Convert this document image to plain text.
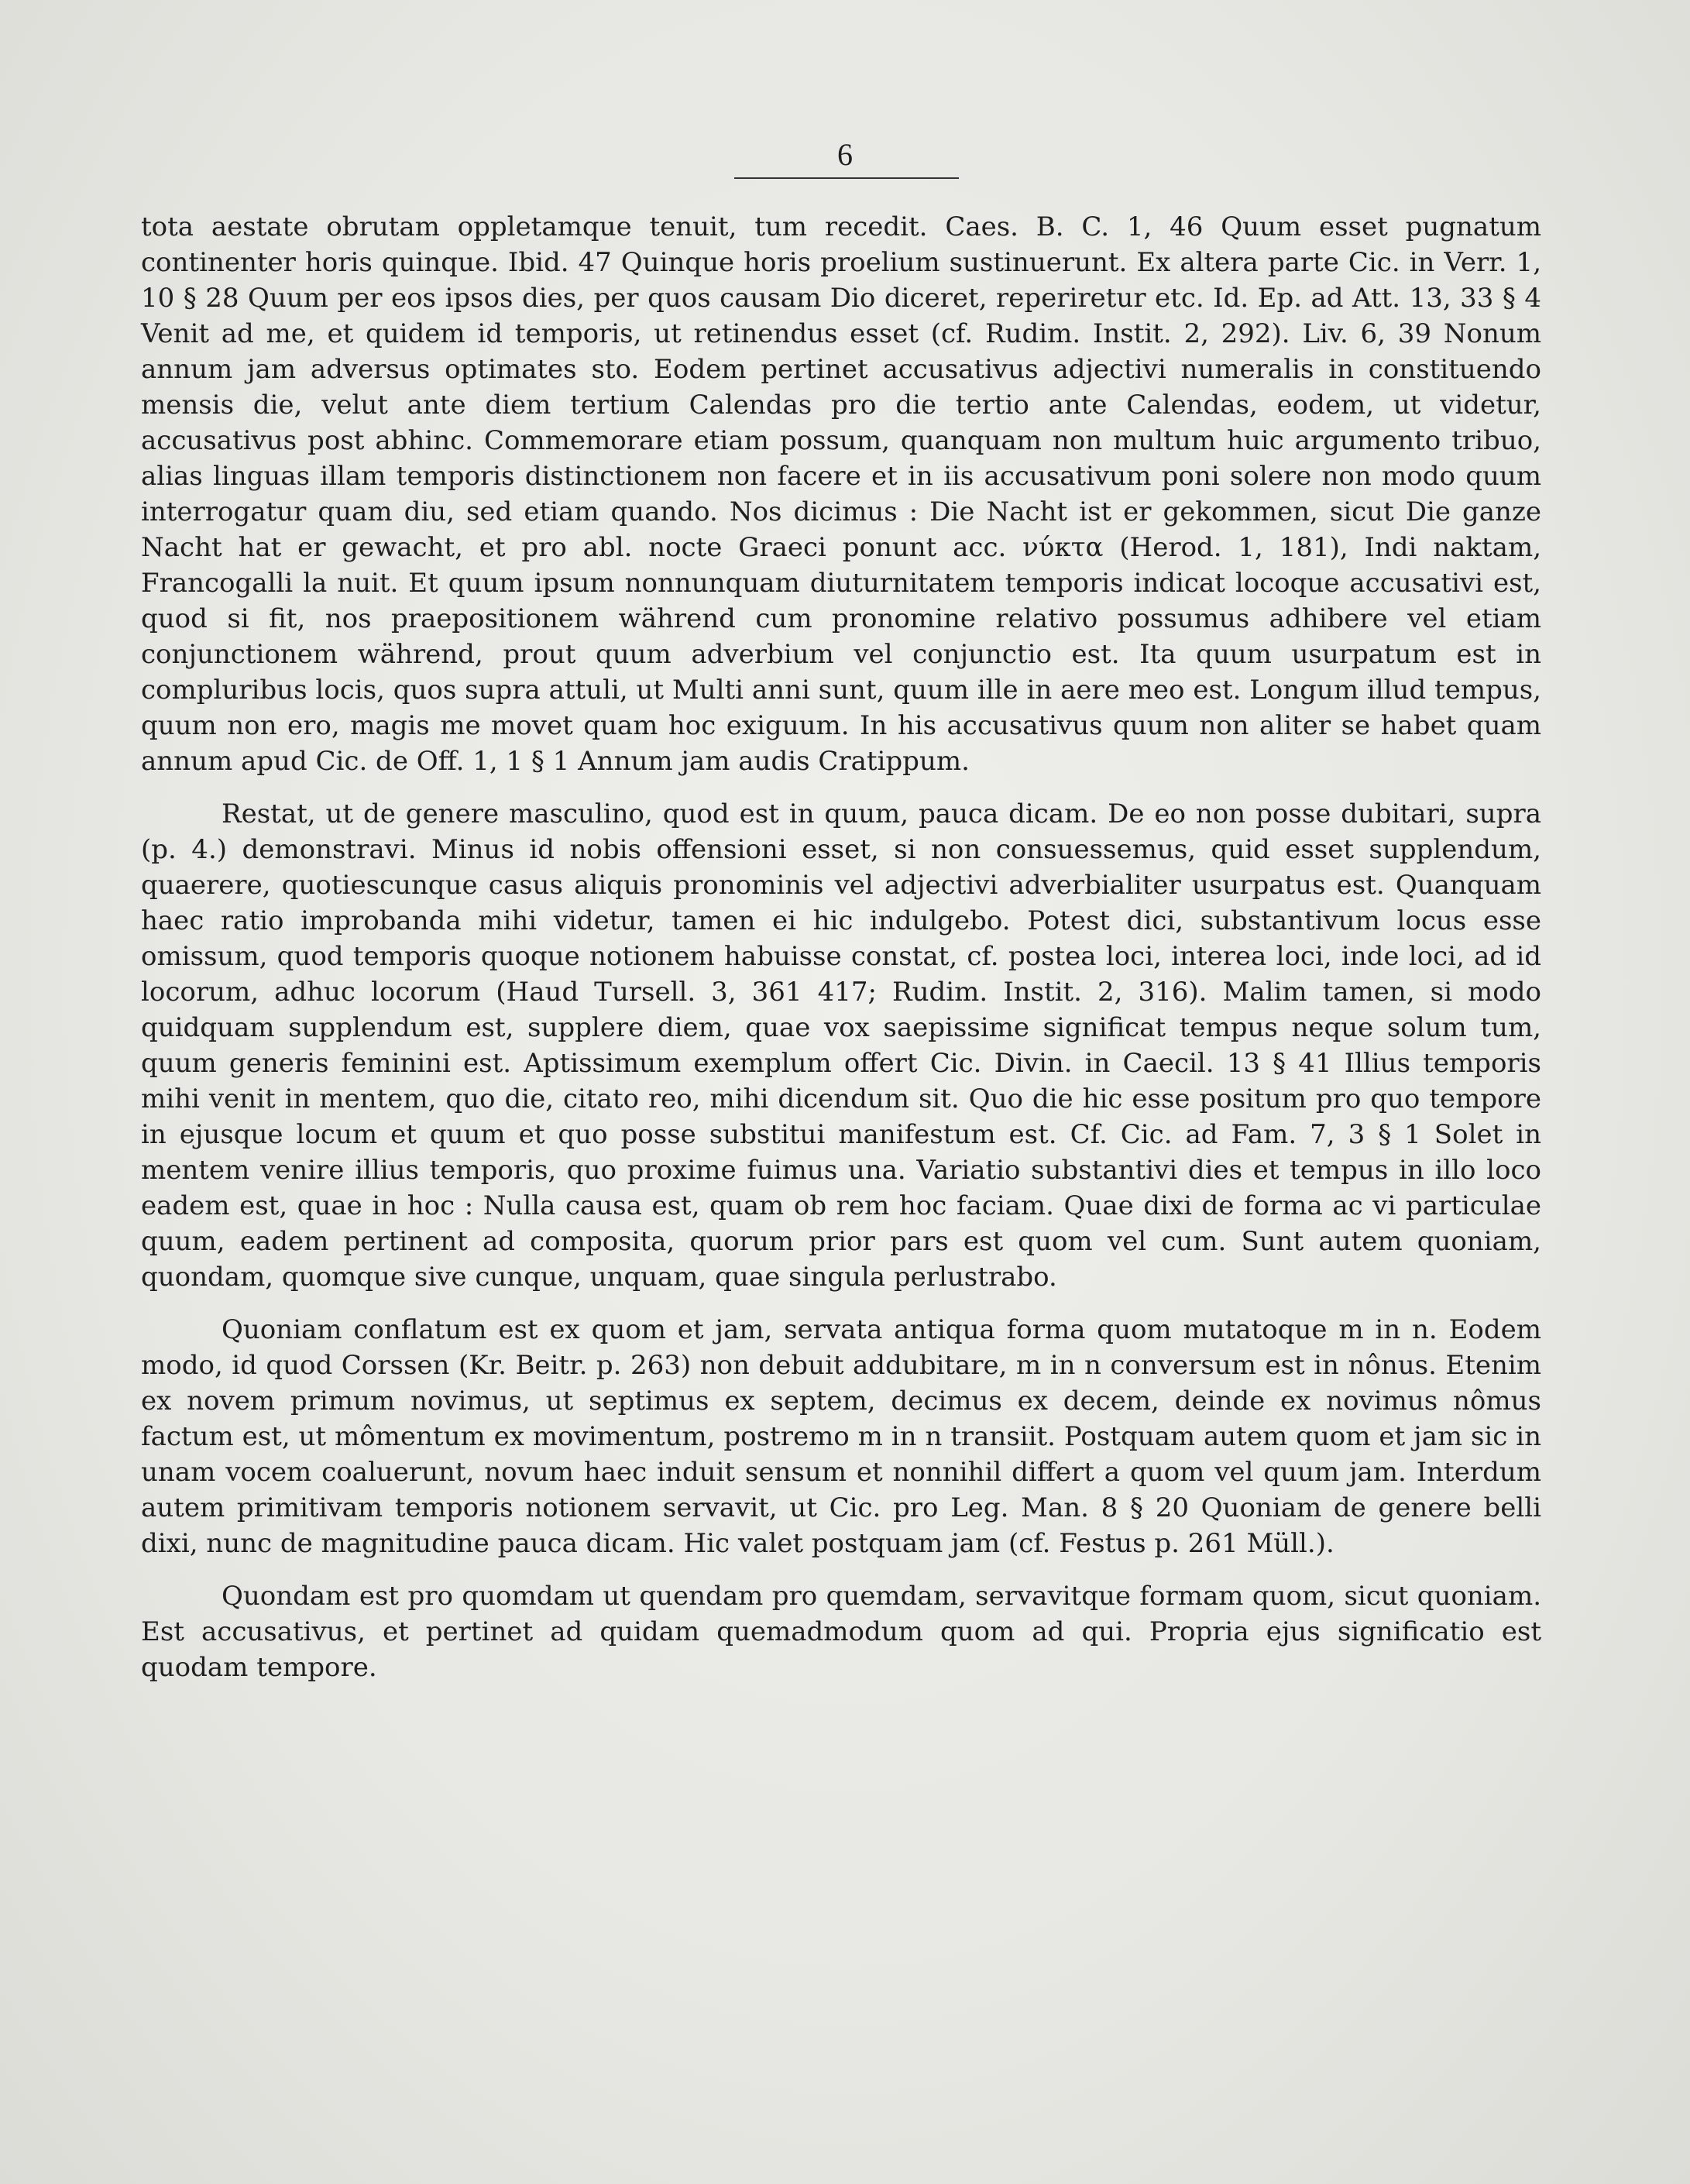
6

tota aestate obrutam oppletamque tenuit, tum recedit. Caes. B. C. 1, 46 Quum esset pugnatum continenter horis quinque. Ibid. 47 Quinque horis proelium sustinuerunt. Ex altera parte Cic. in Verr. 1, 10 § 28 Quum per eos ipsos dies, per quos causam Dio diceret, reperiretur etc. Id. Ep. ad Att. 13, 33 § 4 Venit ad me, et quidem id temporis, ut retinendus esset (cf. Rudim. Instit. 2, 292). Liv. 6, 39 Nonum annum jam adversus optimates sto. Eodem pertinet accusativus adjectivi numeralis in constituendo mensis die, velut ante diem tertium Calendas pro die tertio ante Calendas, eodem, ut videtur, accusativus post abhinc. Commemorare etiam possum, quanquam non multum huic argumento tribuo, alias linguas illam temporis distinctionem non facere et in iis accusativum poni solere non modo quum interrogatur quam diu, sed etiam quando. Nos dicimus : Die Nacht ist er gekommen, sicut Die ganze Nacht hat er gewacht, et pro abl. nocte Graeci ponunt acc. νύκτα (Herod. 1, 181), Indi naktam, Francogalli la nuit. Et quum ipsum nonnunquam diuturnitatem temporis indicat locoque accusativi est, quod si fit, nos praepositionem während cum pronomine relativo possumus adhibere vel etiam conjunctionem während, prout quum adverbium vel conjunctio est. Ita quum usurpatum est in compluribus locis, quos supra attuli, ut Multi anni sunt, quum ille in aere meo est. Longum illud tempus, quum non ero, magis me movet quam hoc exiguum. In his accusativus quum non aliter se habet quam annum apud Cic. de Off. 1, 1 § 1 Annum jam audis Cratippum.

Restat, ut de genere masculino, quod est in quum, pauca dicam. De eo non posse dubitari, supra (p. 4.) demonstravi. Minus id nobis offensioni esset, si non consuessemus, quid esset supplendum, quaerere, quotiescunque casus aliquis pronominis vel adjectivi adverbialiter usurpatus est. Quanquam haec ratio improbanda mihi videtur, tamen ei hic indulgebo. Potest dici, substantivum locus esse omissum, quod temporis quoque notionem habuisse constat, cf. postea loci, interea loci, inde loci, ad id locorum, adhuc locorum (Haud Tursell. 3, 361 417; Rudim. Instit. 2, 316). Malim tamen, si modo quidquam supplendum est, supplere diem, quae vox saepissime significat tempus neque solum tum, quum generis feminini est. Aptissimum exemplum offert Cic. Divin. in Caecil. 13 § 41 Illius temporis mihi venit in mentem, quo die, citato reo, mihi dicendum sit. Quo die hic esse positum pro quo tempore in ejusque locum et quum et quo posse substitui manifestum est. Cf. Cic. ad Fam. 7, 3 § 1 Solet in mentem venire illius temporis, quo proxime fuimus una. Variatio substantivi dies et tempus in illo loco eadem est, quae in hoc : Nulla causa est, quam ob rem hoc faciam. Quae dixi de forma ac vi particulae quum, eadem pertinent ad composita, quorum prior pars est quom vel cum. Sunt autem quoniam, quondam, quomque sive cunque, unquam, quae singula perlustrabo.

Quoniam conflatum est ex quom et jam, servata antiqua forma quom mutatoque m in n. Eodem modo, id quod Corssen (Kr. Beitr. p. 263) non debuit addubitare, m in n conversum est in nônus. Etenim ex novem primum novimus, ut septimus ex septem, decimus ex decem, deinde ex novimus nômus factum est, ut mômentum ex movimentum, postremo m in n transiit. Postquam autem quom et jam sic in unam vocem coaluerunt, novum haec induit sensum et nonnihil differt a quom vel quum jam. Interdum autem primitivam temporis notionem servavit, ut Cic. pro Leg. Man. 8 § 20 Quoniam de genere belli dixi, nunc de magnitudine pauca dicam. Hic valet postquam jam (cf. Festus p. 261 Müll.).

Quondam est pro quomdam ut quendam pro quemdam, servavitque formam quom, sicut quoniam. Est accusativus, et pertinet ad quidam quemadmodum quom ad qui. Propria ejus significatio est quodam tempore.
